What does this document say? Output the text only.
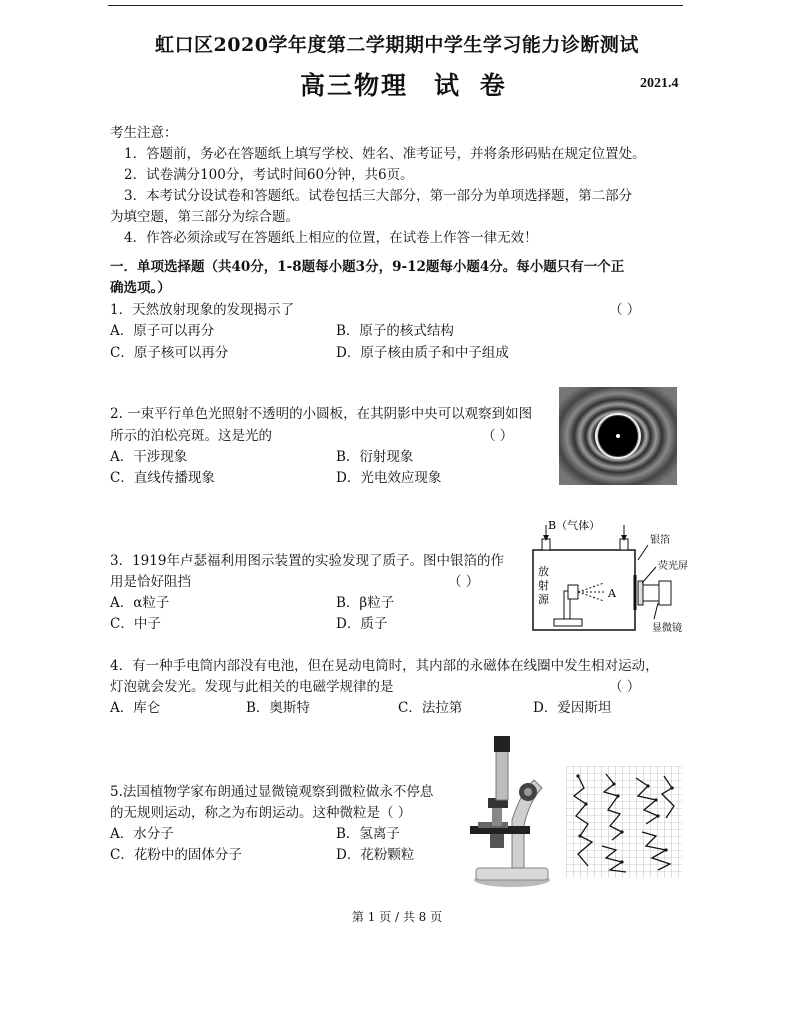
虹口区2020学年度第二学期期中学生学习能力诊断测试
高三物理 试 卷	2021.4
考生注意：
1．答题前，务必在答题纸上填写学校、姓名、准考证号，并将条形码贴在规定位置处。
2．试卷满分100分，考试时间60分钟，共6页。
3．本考试分设试卷和答题纸。试卷包括三大部分，第一部分为单项选择题，第二部分
为填空题，第三部分为综合题。
4．作答必须涂或写在答题纸上相应的位置，在试卷上作答一律无效！
一．单项选择题（共40分，1-8题每小题3分，9-12题每小题4分。每小题只有一个正
确选项。）
1．天然放射现象的发现揭示了	（ ）
A．原子可以再分	B．原子的核式结构
C．原子核可以再分	D．原子核由质子和中子组成
2. 一束平行单色光照射不透明的小圆板，在其阴影中央可以观察到如图
所示的泊松亮斑。这是光的	（ ）
A．干涉现象	B．衍射现象
C．直线传播现象	D．光电效应现象
3．1919年卢瑟福利用图示装置的实验发现了质子。图中银箔的作
用是恰好阻挡	（ ）
A．α粒子	B．β粒子
C．中子	D．质子
B（气体）
A
放
射
源
银箔
荧光屏
显微镜
4．有一种手电筒内部没有电池，但在晃动电筒时，其内部的永磁体在线圈中发生相对运动，
灯泡就会发光。发现与此相关的电磁学规律的是	（ ）
A．库仑	B．奥斯特	C．法拉第	D．爱因斯坦
5.法国植物学家布朗通过显微镜观察到微粒做永不停息
的无规则运动，称之为布朗运动。这种微粒是（ ）
A．水分子	B．氢离子
C．花粉中的固体分子	D．花粉颗粒
第 1 页 / 共 8 页
